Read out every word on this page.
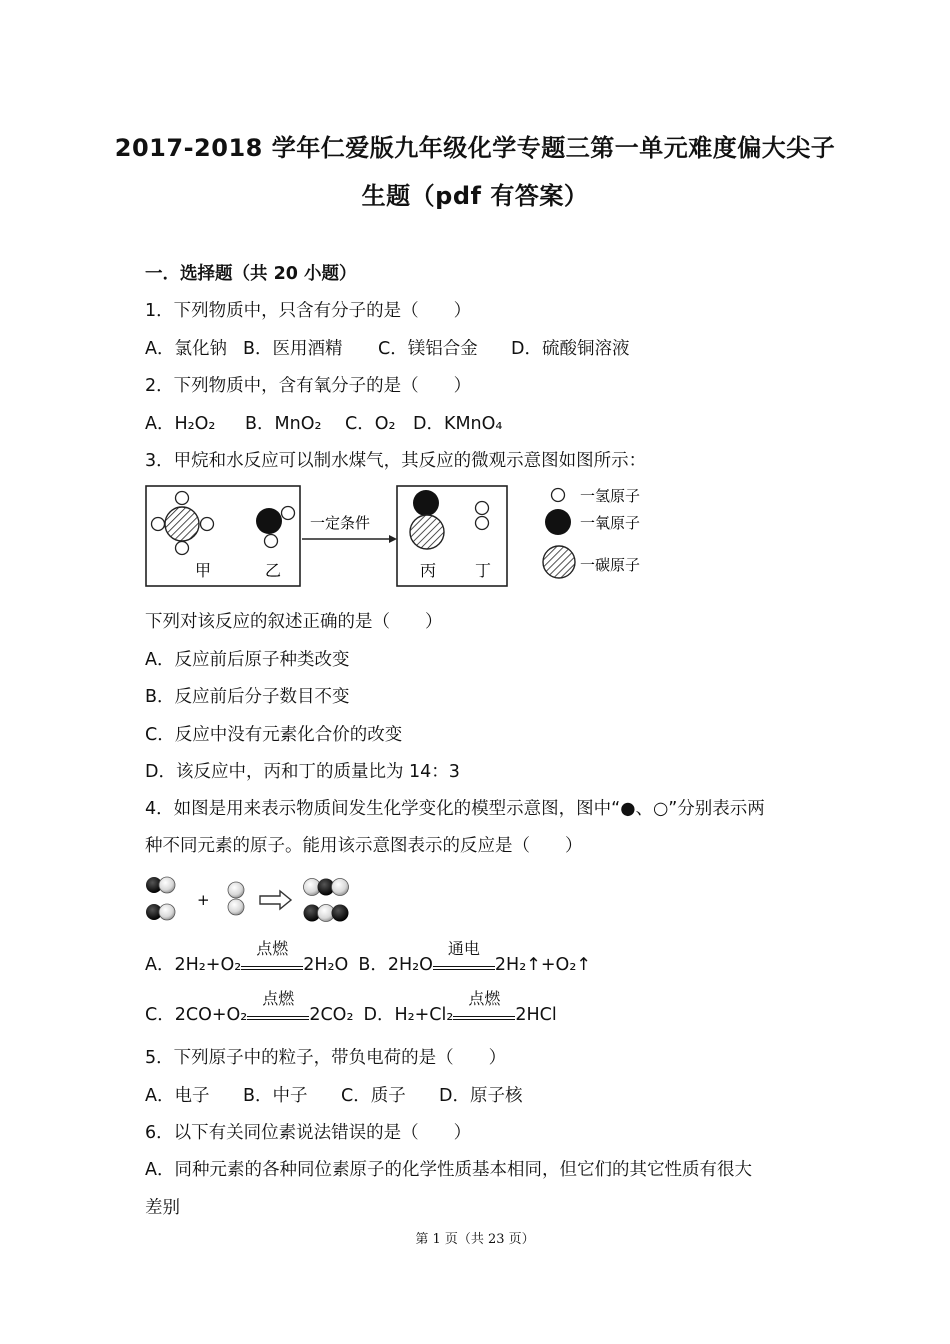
2017-2018 学年仁爱版九年级化学专题三第一单元难度偏大尖子
生题（pdf 有答案）
一．选择题（共 20 小题）
1．下列物质中，只含有分子的是（　　）
A．氯化钠 B．医用酒精 C．镁铝合金 D．硫酸铜溶液
2．下列物质中，含有氧分子的是（　　）
A．H₂O₂ B．MnO₂ C．O₂ D．KMnO₄
3．甲烷和水反应可以制水煤气，其反应的微观示意图如图所示：
甲	乙
一定条件
丙 丁
一氢原子
一氧原子
一碳原子
下列对该反应的叙述正确的是（　　）
A．反应前后原子种类改变
B．反应前后分子数目不变
C．反应中没有元素化合价的改变
D．该反应中，丙和丁的质量比为 14：3
4．如图是用来表示物质间发生化学变化的模型示意图，图中“●、○”分别表示两
种不同元素的原子。能用该示意图表示的反应是（　　）
+
A．2H₂+O₂
点燃
2H₂O B．2H₂O
通电
2H₂↑+O₂↑
C．2CO+O₂
点燃
2CO₂ D．H₂+Cl₂
点燃
2HCl
5．下列原子中的粒子，带负电荷的是（　　）
A．电子 B．中子 C．质子 D．原子核
6．以下有关同位素说法错误的是（　　）
A．同种元素的各种同位素原子的化学性质基本相同，但它们的其它性质有很大
差别
第 1 页（共 23 页）
